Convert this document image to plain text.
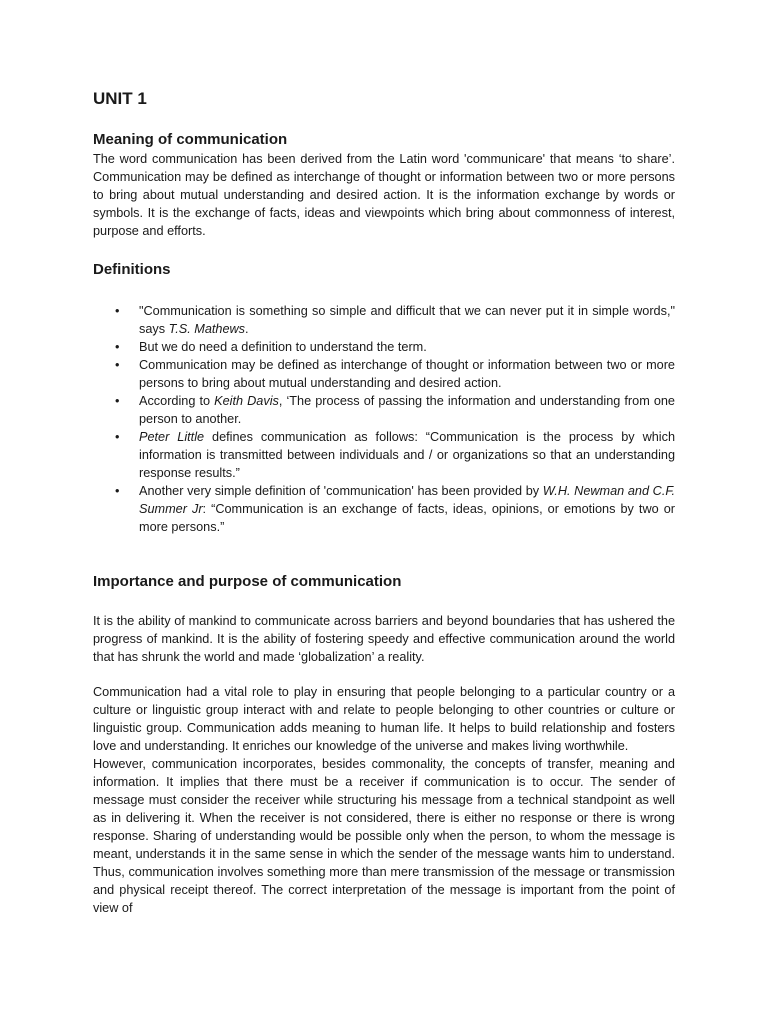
UNIT 1
Meaning of communication

The word communication has been derived from the Latin word 'communicare' that means ‘to share’. Communication may be defined as interchange of thought or information between two or more persons to bring about mutual understanding and desired action. It is the information exchange by words or symbols. It is the exchange of facts, ideas and viewpoints which bring about commonness of interest, purpose and efforts.

Definitions
• "Communication is something so simple and difficult that we can never put it in simple words," says T.S. Mathews.
• But we do need a definition to understand the term.
• Communication may be defined as interchange of thought or information between two or more persons to bring about mutual understanding and desired action.
• According to Keith Davis, ‘The process of passing the information and understanding from one person to another.
• Peter Little defines communication as follows: “Communication is the process by which information is transmitted between individuals and / or organizations so that an understanding response results.”
• Another very simple definition of 'communication' has been provided by W.H. Newman and C.F. Summer Jr: “Communication is an exchange of facts, ideas, opinions, or emotions by two or more persons.”
Importance and purpose of communication

It is the ability of mankind to communicate across barriers and beyond boundaries that has ushered the progress of mankind. It is the ability of fostering speedy and effective communication around the world that has shrunk the world and made ‘globalization’ a reality.

Communication had a vital role to play in ensuring that people belonging to a particular country or a culture or linguistic group interact with and relate to people belonging to other countries or culture or linguistic group. Communication adds meaning to human life. It helps to build relationship and fosters love and understanding. It enriches our knowledge of the universe and makes living worthwhile.

However, communication incorporates, besides commonality, the concepts of transfer, meaning and information. It implies that there must be a receiver if communication is to occur. The sender of message must consider the receiver while structuring his message from a technical standpoint as well as in delivering it. When the receiver is not considered, there is either no response or there is wrong response. Sharing of understanding would be possible only when the person, to whom the message is meant, understands it in the same sense in which the sender of the message wants him to understand. Thus, communication involves something more than mere transmission of the message or transmission and physical receipt thereof. The correct interpretation of the message is important from the point of view of
